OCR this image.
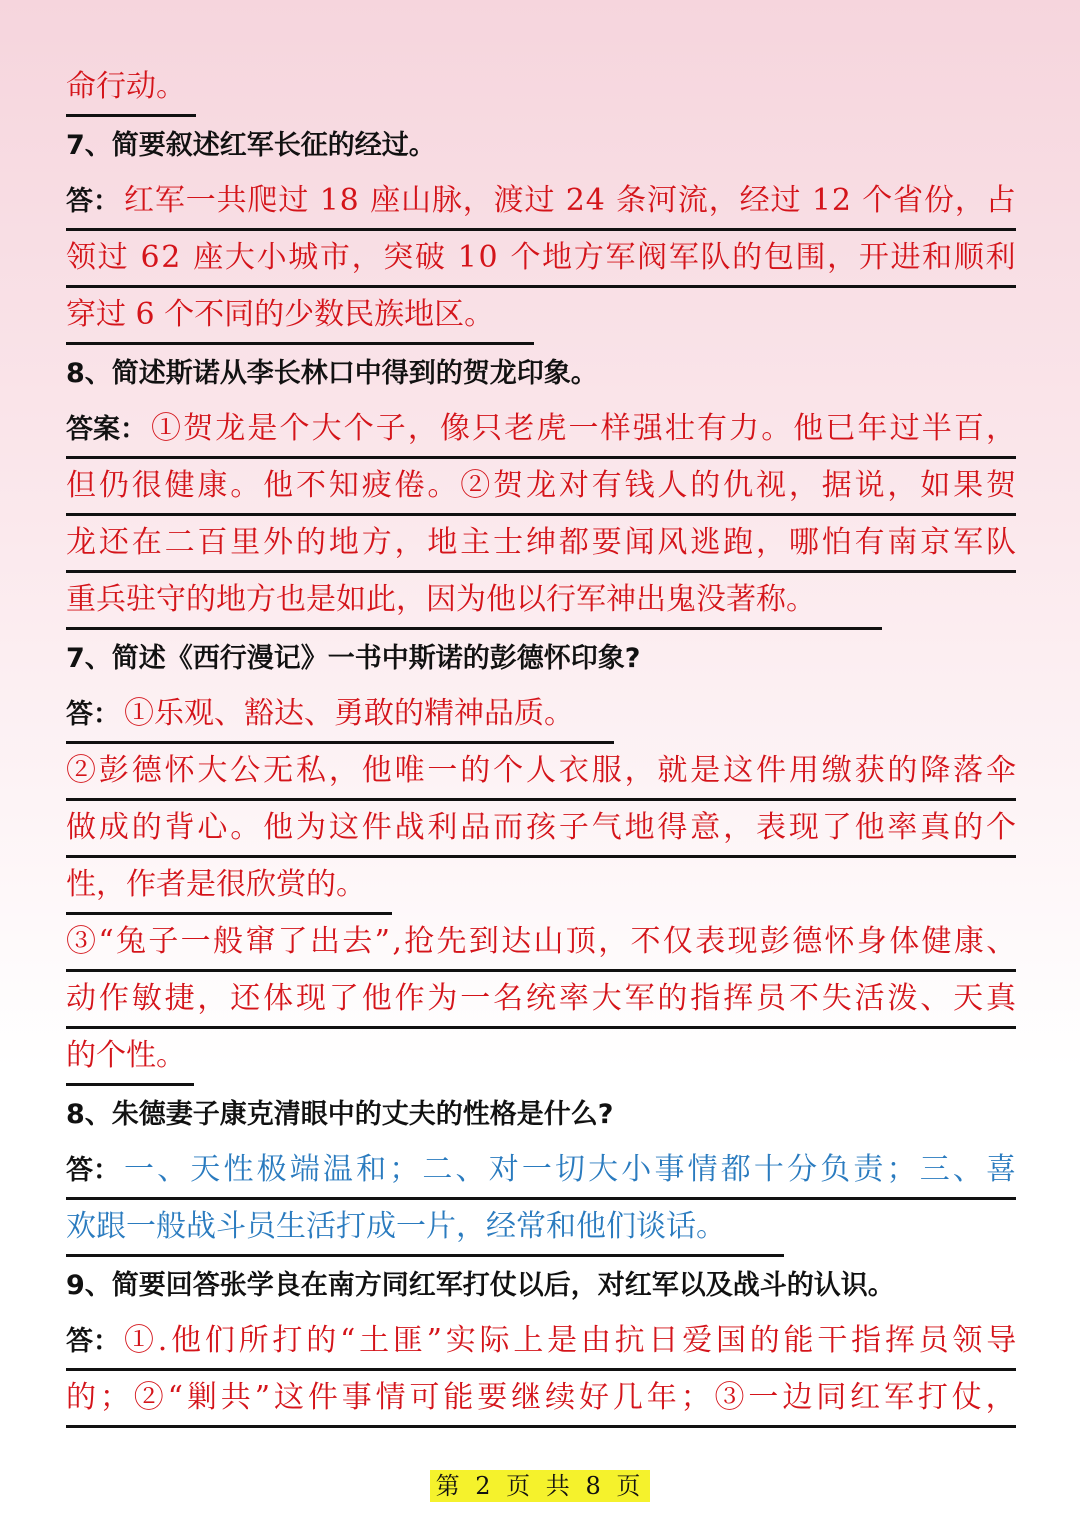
命行动。
7、简要叙述红军长征的经过。
答： 红军一共爬过 18 座山脉，渡过 24 条河流，经过 12 个省份，占
领过 62 座大小城市，突破 10 个地方军阀军队的包围，开进和顺利
穿过 6 个不同的少数民族地区。
8、简述斯诺从李长林口中得到的贺龙印象。
答案： ①贺龙是个大个子，像只老虎一样强壮有力。他已年过半百，
但仍很健康。他不知疲倦。②贺龙对有钱人的仇视，据说，如果贺
龙还在二百里外的地方，地主士绅都要闻风逃跑，哪怕有南京军队
重兵驻守的地方也是如此，因为他以行军神出鬼没著称。
7、简述《西行漫记》一书中斯诺的彭德怀印象?
答： ①乐观、豁达、勇敢的精神品质。
②彭德怀大公无私，他唯一的个人衣服，就是这件用缴获的降落伞
做成的背心。他为这件战利品而孩子气地得意，表现了他率真的个
性，作者是很欣赏的。
③“兔子一般窜了出去”,抢先到达山顶，不仅表现彭德怀身体健康、
动作敏捷，还体现了他作为一名统率大军的指挥员不失活泼、天真
的个性。
8、朱德妻子康克清眼中的丈夫的性格是什么?
答： 一、天性极端温和；二、对一切大小事情都十分负责；三、喜
欢跟一般战斗员生活打成一片，经常和他们谈话。
9、简要回答张学良在南方同红军打仗以后，对红军以及战斗的认识。
答： ①.他们所打的“土匪”实际上是由抗日爱国的能干指挥员领导
的；②“剿共”这件事情可能要继续好几年；③一边同红军打仗，
第 2 页 共 8 页
